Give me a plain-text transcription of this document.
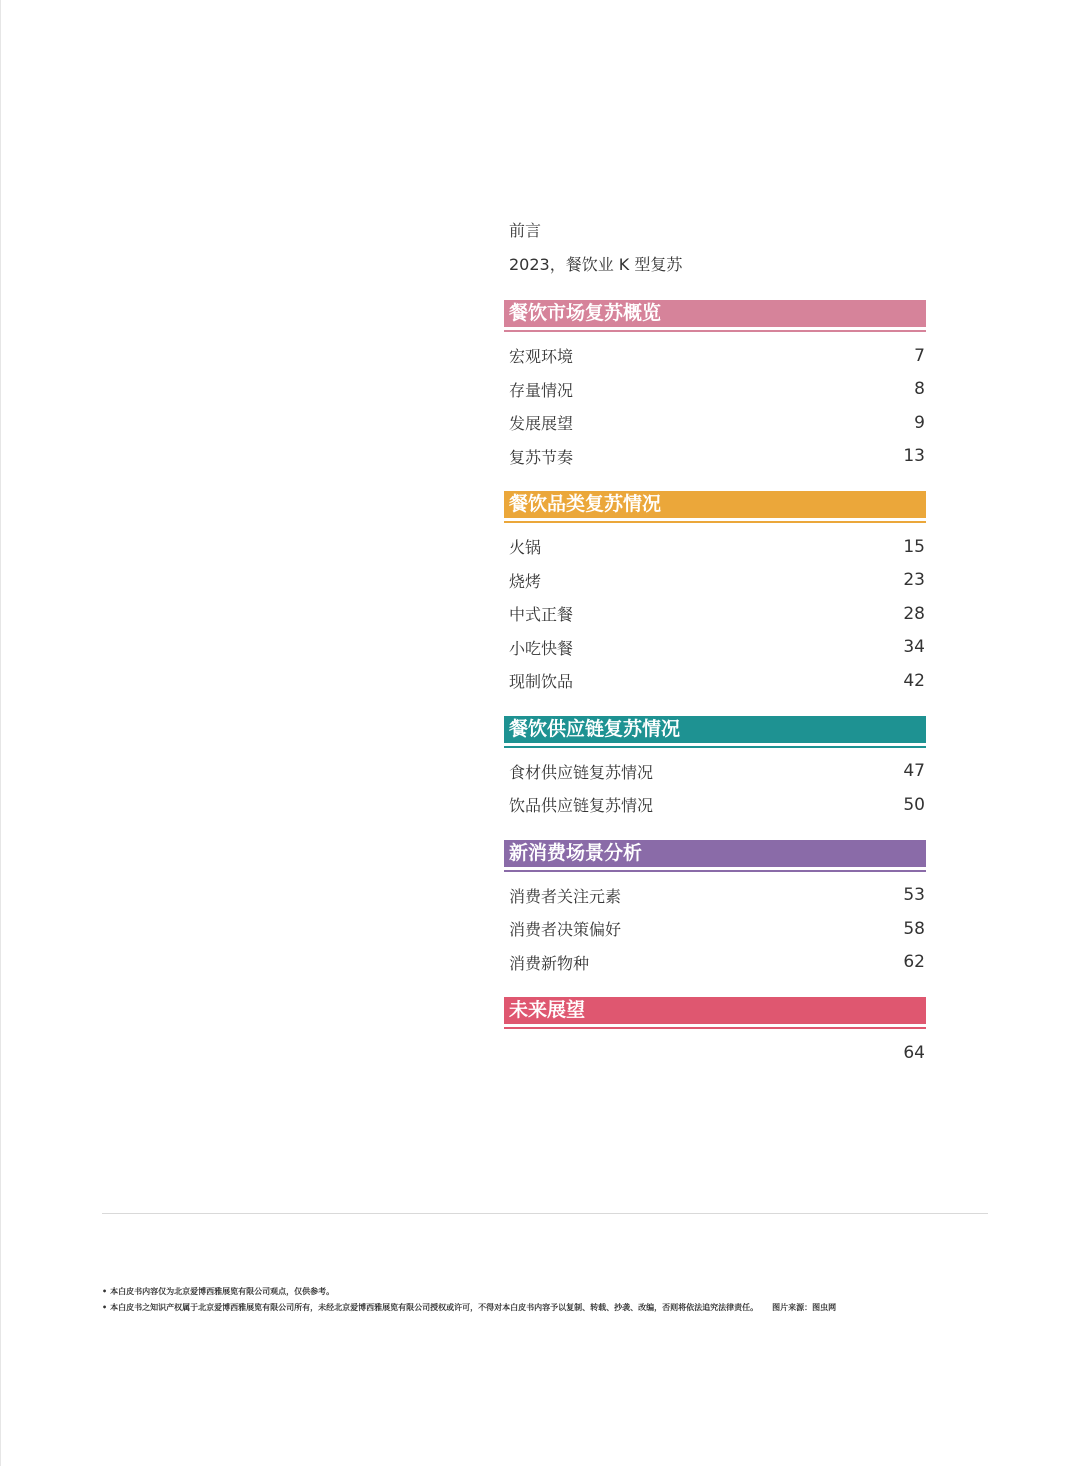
前言
2023，餐饮业 K 型复苏
餐饮市场复苏概览
宏观环境	7
存量情况	8
发展展望	9
复苏节奏	13
餐饮品类复苏情况
火锅	15
烧烤	23
中式正餐	28
小吃快餐	34
现制饮品	42
餐饮供应链复苏情况
食材供应链复苏情况	47
饮品供应链复苏情况	50
新消费场景分析
消费者关注元素	53
消费者决策偏好	58
消费新物种	62
未来展望
64
• 本白皮书内容仅为北京爱博西雅展览有限公司观点，仅供参考。
• 本白皮书之知识产权属于北京爱博西雅展览有限公司所有，未经北京爱博西雅展览有限公司授权或许可，不得对本白皮书内容予以复制、转载、抄袭、改编，否则将依法追究法律责任。 图片来源：图虫网
